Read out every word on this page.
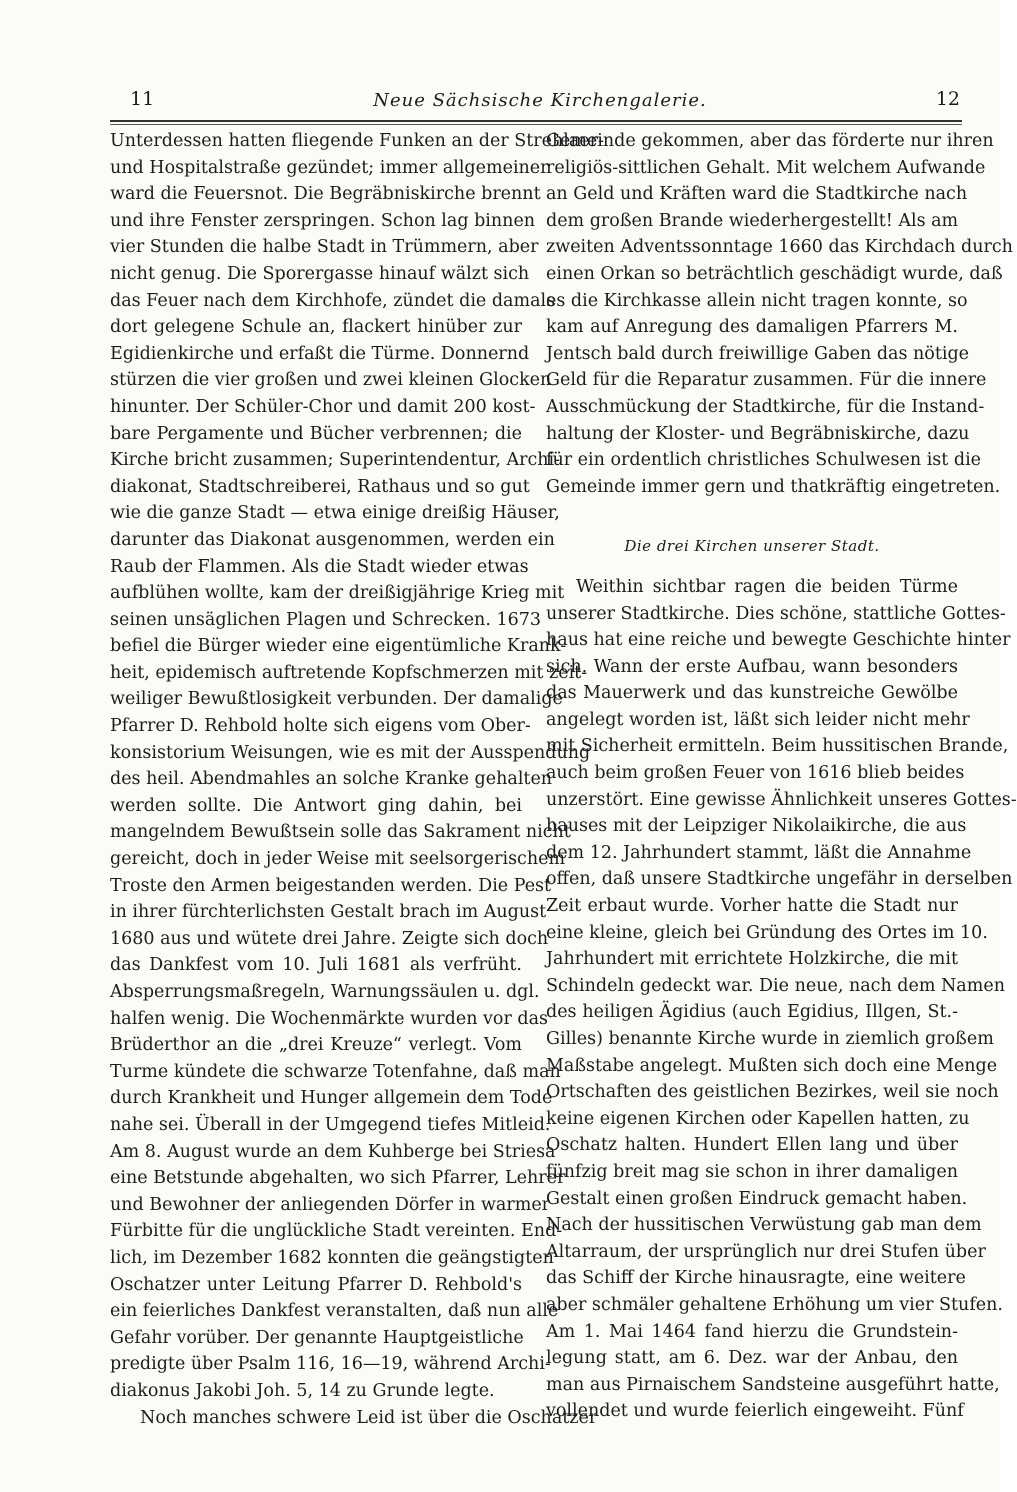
11	Neue Sächsische Kirchengalerie.	12
Unterdessen hatten fliegende Funken an der Strehlaer-
und Hospitalstraße gezündet; immer allgemeiner
ward die Feuersnot. Die Begräbniskirche brennt
und ihre Fenster zerspringen. Schon lag binnen
vier Stunden die halbe Stadt in Trümmern, aber
nicht genug. Die Sporergasse hinauf wälzt sich
das Feuer nach dem Kirchhofe, zündet die damals
dort gelegene Schule an, flackert hinüber zur
Egidienkirche und erfaßt die Türme. Donnernd
stürzen die vier großen und zwei kleinen Glocken
hinunter. Der Schüler-Chor und damit 200 kost-
bare Pergamente und Bücher verbrennen; die
Kirche bricht zusammen; Superintendentur, Archi-
diakonat, Stadtschreiberei, Rathaus und so gut
wie die ganze Stadt — etwa einige dreißig Häuser,
darunter das Diakonat ausgenommen, werden ein
Raub der Flammen. Als die Stadt wieder etwas
aufblühen wollte, kam der dreißigjährige Krieg mit
seinen unsäglichen Plagen und Schrecken. 1673
befiel die Bürger wieder eine eigentümliche Krank-
heit, epidemisch auftretende Kopfschmerzen mit zeit-
weiliger Bewußtlosigkeit verbunden. Der damalige
Pfarrer D. Rehbold holte sich eigens vom Ober-
konsistorium Weisungen, wie es mit der Ausspendung
des heil. Abendmahles an solche Kranke gehalten
werden sollte. Die Antwort ging dahin, bei
mangelndem Bewußtsein solle das Sakrament nicht
gereicht, doch in jeder Weise mit seelsorgerischem
Troste den Armen beigestanden werden. Die Pest
in ihrer fürchterlichsten Gestalt brach im August
1680 aus und wütete drei Jahre. Zeigte sich doch
das Dankfest vom 10. Juli 1681 als verfrüht.
Absperrungsmaßregeln, Warnungssäulen u. dgl.
halfen wenig. Die Wochenmärkte wurden vor das
Brüderthor an die „drei Kreuze“ verlegt. Vom
Turme kündete die schwarze Totenfahne, daß man
durch Krankheit und Hunger allgemein dem Tode
nahe sei. Überall in der Umgegend tiefes Mitleid.
Am 8. August wurde an dem Kuhberge bei Striesa
eine Betstunde abgehalten, wo sich Pfarrer, Lehrer
und Bewohner der anliegenden Dörfer in warmer
Fürbitte für die unglückliche Stadt vereinten. End-
lich, im Dezember 1682 konnten die geängstigten
Oschatzer unter Leitung Pfarrer D. Rehbold's
ein feierliches Dankfest veranstalten, daß nun alle
Gefahr vorüber. Der genannte Hauptgeistliche
predigte über Psalm 116, 16—19, während Archi-
diakonus Jakobi Joh. 5, 14 zu Grunde legte.
Noch manches schwere Leid ist über die Oschatzer
Gemeinde gekommen, aber das förderte nur ihren
religiös-sittlichen Gehalt. Mit welchem Aufwande
an Geld und Kräften ward die Stadtkirche nach
dem großen Brande wiederhergestellt! Als am
zweiten Adventssonntage 1660 das Kirchdach durch
einen Orkan so beträchtlich geschädigt wurde, daß
es die Kirchkasse allein nicht tragen konnte, so
kam auf Anregung des damaligen Pfarrers M.
Jentsch bald durch freiwillige Gaben das nötige
Geld für die Reparatur zusammen. Für die innere
Ausschmückung der Stadtkirche, für die Instand-
haltung der Kloster- und Begräbniskirche, dazu
für ein ordentlich christliches Schulwesen ist die
Gemeinde immer gern und thatkräftig eingetreten.
Die drei Kirchen unserer Stadt.
Weithin sichtbar ragen die beiden Türme
unserer Stadtkirche. Dies schöne, stattliche Gottes-
haus hat eine reiche und bewegte Geschichte hinter
sich. Wann der erste Aufbau, wann besonders
das Mauerwerk und das kunstreiche Gewölbe
angelegt worden ist, läßt sich leider nicht mehr
mit Sicherheit ermitteln. Beim hussitischen Brande,
auch beim großen Feuer von 1616 blieb beides
unzerstört. Eine gewisse Ähnlichkeit unseres Gottes-
hauses mit der Leipziger Nikolaikirche, die aus
dem 12. Jahrhundert stammt, läßt die Annahme
offen, daß unsere Stadtkirche ungefähr in derselben
Zeit erbaut wurde. Vorher hatte die Stadt nur
eine kleine, gleich bei Gründung des Ortes im 10.
Jahrhundert mit errichtete Holzkirche, die mit
Schindeln gedeckt war. Die neue, nach dem Namen
des heiligen Ägidius (auch Egidius, Illgen, St.-
Gilles) benannte Kirche wurde in ziemlich großem
Maßstabe angelegt. Mußten sich doch eine Menge
Ortschaften des geistlichen Bezirkes, weil sie noch
keine eigenen Kirchen oder Kapellen hatten, zu
Oschatz halten. Hundert Ellen lang und über
fünfzig breit mag sie schon in ihrer damaligen
Gestalt einen großen Eindruck gemacht haben.
Nach der hussitischen Verwüstung gab man dem
Altarraum, der ursprünglich nur drei Stufen über
das Schiff der Kirche hinausragte, eine weitere
aber schmäler gehaltene Erhöhung um vier Stufen.
Am 1. Mai 1464 fand hierzu die Grundstein-
legung statt, am 6. Dez. war der Anbau, den
man aus Pirnaischem Sandsteine ausgeführt hatte,
vollendet und wurde feierlich eingeweiht. Fünf
